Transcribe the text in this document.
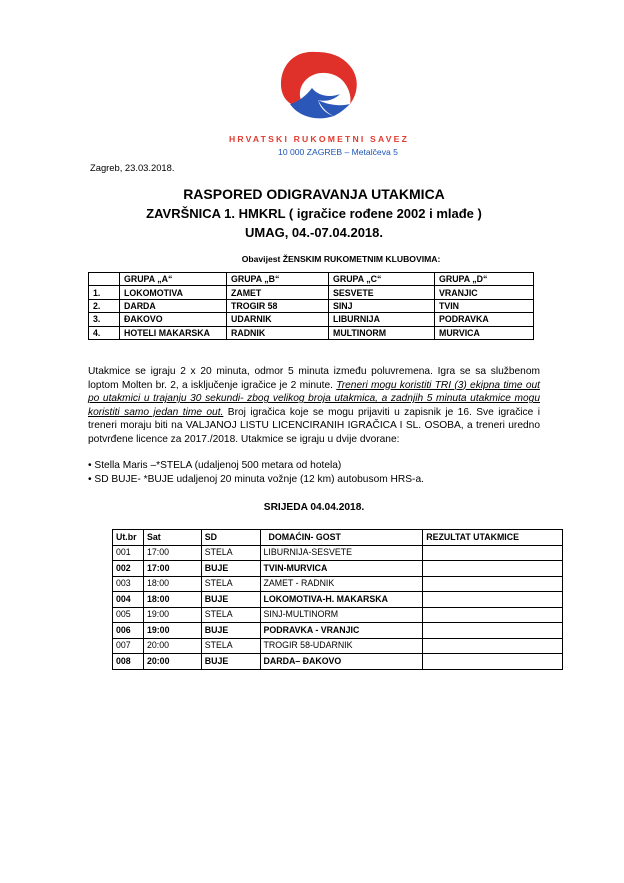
HRVATSKI RUKOMETNI SAVEZ
10 000 ZAGREB – Metalčeva 5
Zagreb, 23.03.2018.
RASPORED ODIGRAVANJA UTAKMICA
ZAVRŠNICA 1. HMKRL ( igračice rođene 2002 i mlađe )
UMAG, 04.-07.04.2018.
Obavijest ŽENSKIM RUKOMETNIM KLUBOVIMA:
	GRUPA „A“	GRUPA „B“	GRUPA „C“	GRUPA „D“
1.	LOKOMOTIVA	ZAMET	SESVETE	VRANJIC
2.	DARDA	TROGIR 58	SINJ	TVIN
3.	ĐAKOVO	UDARNIK	LIBURNIJA	PODRAVKA
4.	HOTELI MAKARSKA	RADNIK	MULTINORM	MURVICA
Utakmice se igraju 2 x 20 minuta, odmor 5 minuta između poluvremena. Igra se sa službenom loptom Molten br. 2, a isključenje igračice je 2 minute. Treneri mogu koristiti TRI (3) ekipna time out po utakmici u trajanju 30 sekundi- zbog velikog broja utakmica, a zadnjih 5 minuta utakmice mogu koristiti samo jedan time out. Broj igračica koje se mogu prijaviti u zapisnik je 16. Sve igračice i treneri moraju biti na VALJANOJ LISTU LICENCIRANIH IGRAČICA I SL. OSOBA, a treneri uredno potvrđene licence za 2017./2018. Utakmice se igraju u dvije dvorane:
• Stella Maris –*STELA (udaljenoj 500 metara od hotela)
• SD BUJE- *BUJE udaljenoj 20 minuta vožnje (12 km) autobusom HRS-a.
SRIJEDA 04.04.2018.
Ut.br	Sat	SD	DOMAĆIN- GOST	REZULTAT UTAKMICE
001	17:00	STELA	LIBURNIJA-SESVETE	
002	17:00	BUJE	TVIN-MURVICA	
003	18:00	STELA	ZAMET - RADNIK	
004	18:00	BUJE	LOKOMOTIVA-H. MAKARSKA	
005	19:00	STELA	SINJ-MULTINORM	
006	19:00	BUJE	PODRAVKA - VRANJIC	
007	20:00	STELA	TROGIR 58-UDARNIK	
008	20:00	BUJE	DARDA– ĐAKOVO	
